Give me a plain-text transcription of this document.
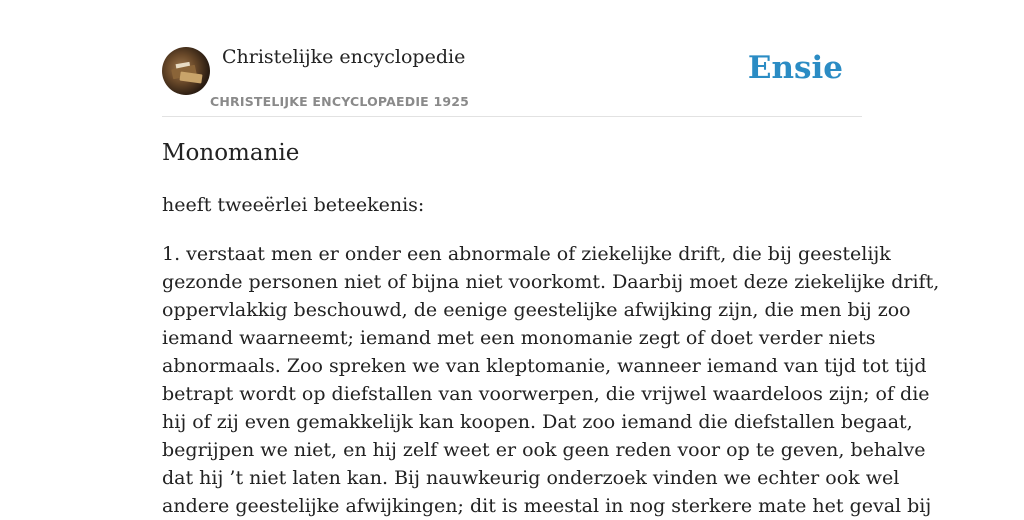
Christelijke encyclopedie
CHRISTELIJKE ENCYCLOPAEDIE 1925
Ensie
Monomanie

heeft tweeërlei beteekenis:

1. verstaat men er onder een abnormale of ziekelijke drift, die bij geestelijk
gezonde personen niet of bijna niet voorkomt. Daarbij moet deze ziekelijke drift,
oppervlakkig beschouwd, de eenige geestelijke afwijking zijn, die men bij zoo
iemand waarneemt; iemand met een monomanie zegt of doet verder niets
abnormaals. Zoo spreken we van kleptomanie, wanneer iemand van tijd tot tijd
betrapt wordt op diefstallen van voorwerpen, die vrijwel waardeloos zijn; of die
hij of zij even gemakkelijk kan koopen. Dat zoo iemand die diefstallen begaat,
begrijpen we niet, en hij zelf weet er ook geen reden voor op te geven, behalve
dat hij ’t niet laten kan. Bij nauwkeurig onderzoek vinden we echter ook wel
andere geestelijke afwijkingen; dit is meestal in nog sterkere mate het geval bij
